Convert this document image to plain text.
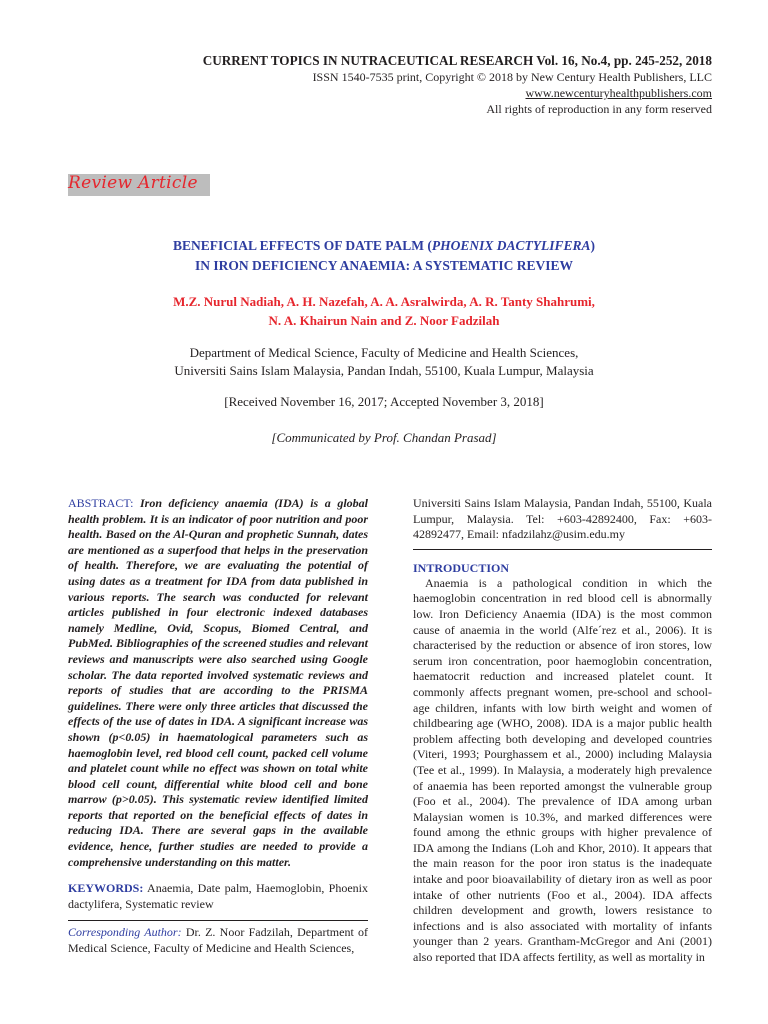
CURRENT TOPICS IN NUTRACEUTICAL RESEARCH Vol. 16, No.4, pp. 245-252, 2018
ISSN 1540-7535 print, Copyright © 2018 by New Century Health Publishers, LLC
www.newcenturyhealthpublishers.com
All rights of reproduction in any form reserved
Review Article
BENEFICIAL EFFECTS OF DATE PALM (PHOENIX DACTYLIFERA)
IN IRON DEFICIENCY ANAEMIA: A SYSTEMATIC REVIEW
M.Z. Nurul Nadiah, A. H. Nazefah, A. A. Asralwirda, A. R. Tanty Shahrumi,
N. A. Khairun Nain and Z. Noor Fadzilah
Department of Medical Science, Faculty of Medicine and Health Sciences,
Universiti Sains Islam Malaysia, Pandan Indah, 55100, Kuala Lumpur, Malaysia
[Received November 16, 2017; Accepted November 3, 2018]
[Communicated by Prof. Chandan Prasad]
ABSTRACT: Iron deficiency anaemia (IDA) is a global health problem. It is an indicator of poor nutrition and poor health. Based on the Al-Quran and prophetic Sunnah, dates are mentioned as a superfood that helps in the preservation of health. Therefore, we are evaluating the potential of using dates as a treatment for IDA from data published in various reports. The search was conducted for relevant articles published in four electronic indexed databases namely Medline, Ovid, Scopus, Biomed Central, and PubMed. Bibliographies of the screened studies and relevant reviews and manuscripts were also searched using Google scholar. The data reported involved systematic reviews and reports of studies that are according to the PRISMA guidelines. There were only three articles that discussed the effects of the use of dates in IDA. A significant increase was shown (p<0.05) in haematological parameters such as haemoglobin level, red blood cell count, packed cell volume and platelet count while no effect was shown on total white blood cell count, differential white blood cell and bone marrow (p>0.05). This systematic review identified limited reports that reported on the beneficial effects of dates in reducing IDA. There are several gaps in the available evidence, hence, further studies are needed to provide a comprehensive understanding on this matter.
KEYWORDS: Anaemia, Date palm, Haemoglobin, Phoenix dactylifera, Systematic review
Corresponding Author: Dr. Z. Noor Fadzilah, Department of Medical Science, Faculty of Medicine and Health Sciences,
Universiti Sains Islam Malaysia, Pandan Indah, 55100, Kuala Lumpur, Malaysia. Tel: +603-42892400, Fax: +603-42892477, Email: nfadzilahz@usim.edu.my
INTRODUCTION
Anaemia is a pathological condition in which the haemoglobin concentration in red blood cell is abnormally low. Iron Deficiency Anaemia (IDA) is the most common cause of anaemia in the world (Alfe´rez et al., 2006). It is characterised by the reduction or absence of iron stores, low serum iron concentration, poor haemoglobin concentration, haematocrit reduction and increased platelet count. It commonly affects pregnant women, pre-school and school-age children, infants with low birth weight and women of childbearing age (WHO, 2008). IDA is a major public health problem affecting both developing and developed countries (Viteri, 1993; Pourghassem et al., 2000) including Malaysia (Tee et al., 1999). In Malaysia, a moderately high prevalence of anaemia has been reported amongst the vulnerable group (Foo et al., 2004). The prevalence of IDA among urban Malaysian women is 10.3%, and marked differences were found among the ethnic groups with higher prevalence of IDA among the Indians (Loh and Khor, 2010). It appears that the main reason for the poor iron status is the inadequate intake and poor bioavailability of dietary iron as well as poor intake of other nutrients (Foo et al., 2004). IDA affects children development and growth, lowers resistance to infections and is also associated with mortality of infants younger than 2 years. Grantham-McGregor and Ani (2001) also reported that IDA affects fertility, as well as mortality in
